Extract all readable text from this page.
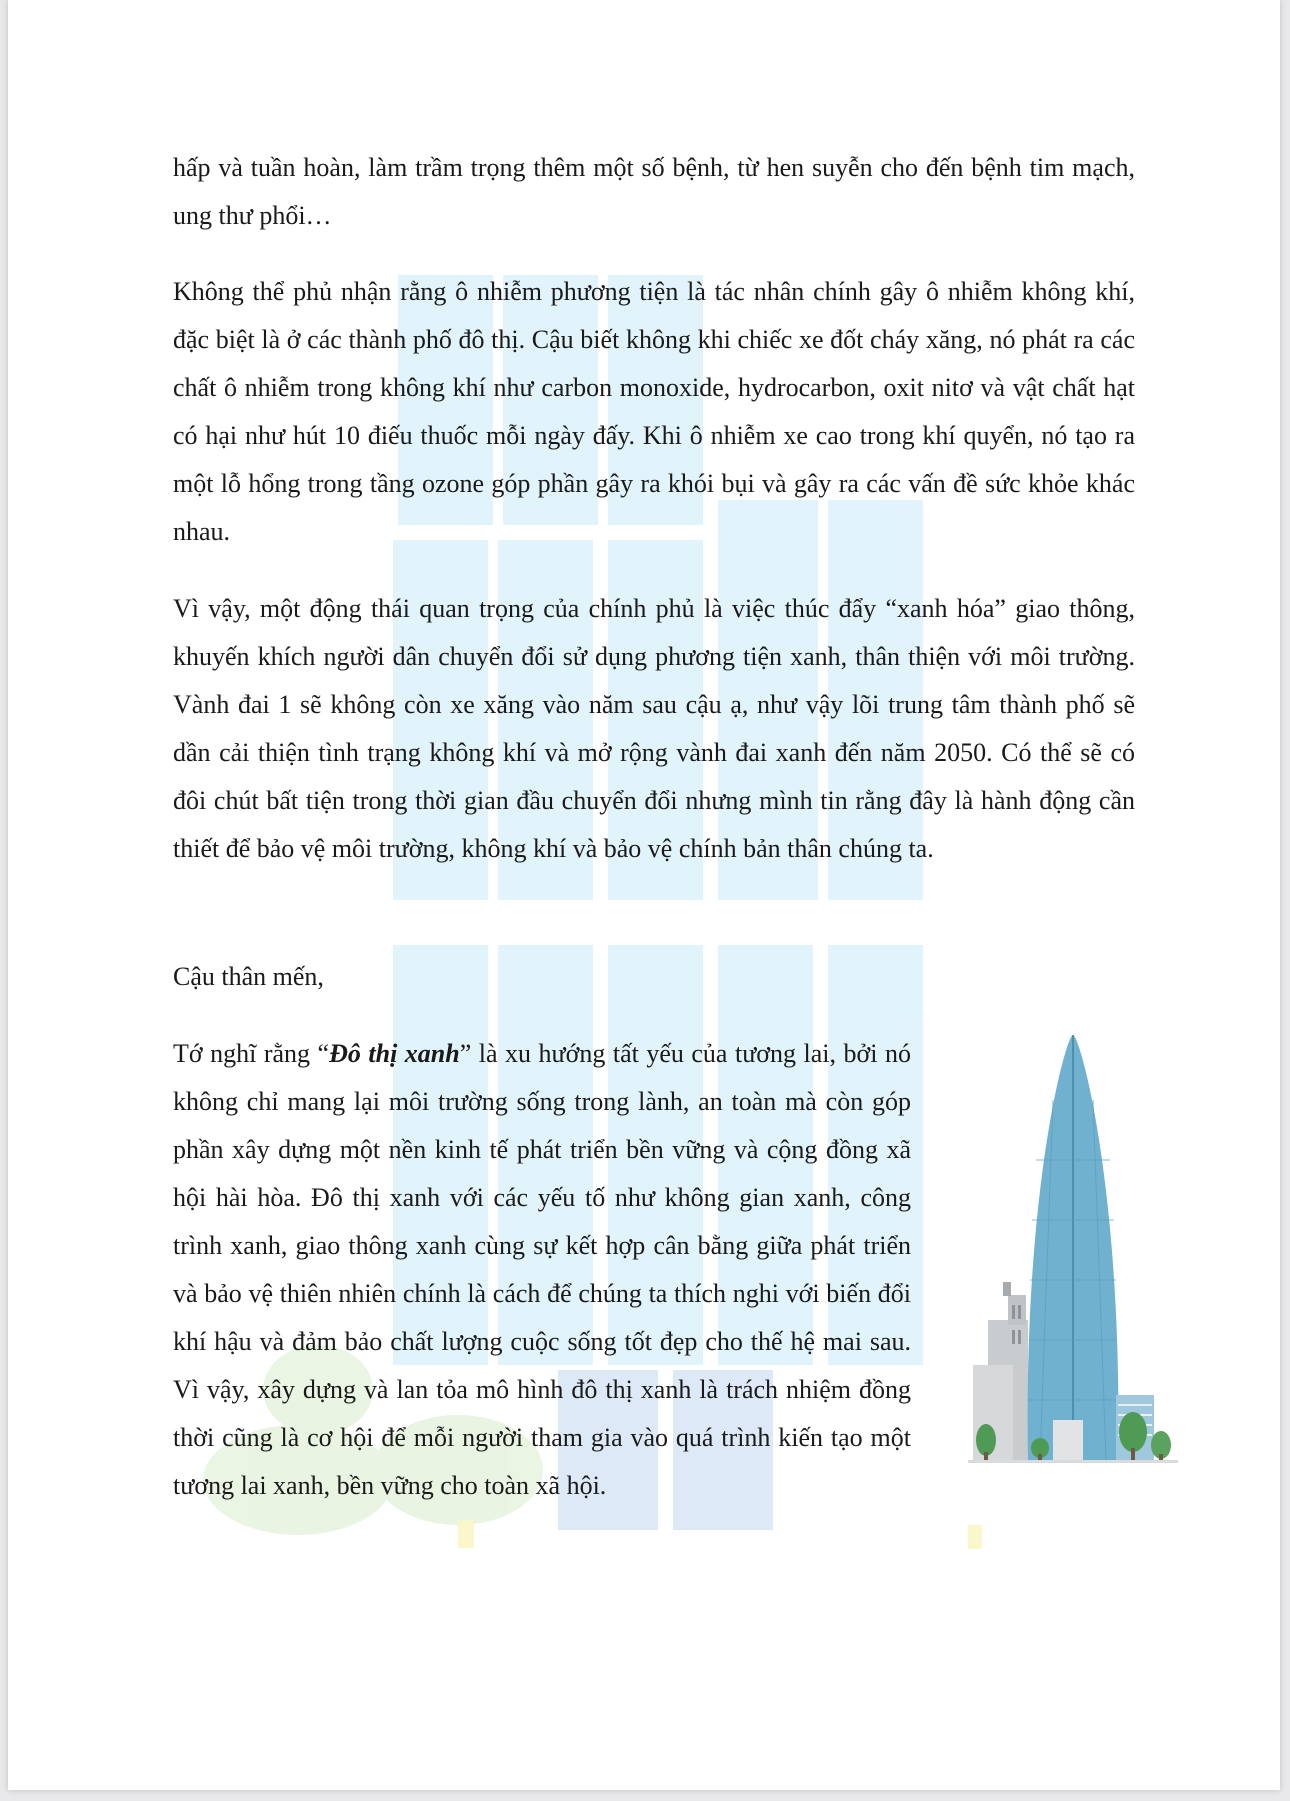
hấp và tuần hoàn, làm trầm trọng thêm một số bệnh, từ hen suyễn cho đến bệnh tim mạch, ung thư phổi…

Không thể phủ nhận rằng ô nhiễm phương tiện là tác nhân chính gây ô nhiễm không khí, đặc biệt là ở các thành phố đô thị. Cậu biết không khi chiếc xe đốt cháy xăng, nó phát ra các chất ô nhiễm trong không khí như carbon monoxide, hydrocarbon, oxit nitơ và vật chất hạt có hại như hút 10 điếu thuốc mỗi ngày đấy. Khi ô nhiễm xe cao trong khí quyển, nó tạo ra một lỗ hổng trong tầng ozone góp phần gây ra khói bụi và gây ra các vấn đề sức khỏe khác nhau.

Vì vậy, một động thái quan trọng của chính phủ là việc thúc đẩy “xanh hóa” giao thông, khuyến khích người dân chuyển đổi sử dụng phương tiện xanh, thân thiện với môi trường. Vành đai 1 sẽ không còn xe xăng vào năm sau cậu ạ, như vậy lõi trung tâm thành phố sẽ dần cải thiện tình trạng không khí và mở rộng vành đai xanh đến năm 2050. Có thể sẽ có đôi chút bất tiện trong thời gian đầu chuyển đổi nhưng mình tin rằng đây là hành động cần thiết để bảo vệ môi trường, không khí và bảo vệ chính bản thân chúng ta.

Cậu thân mến,

Tớ nghĩ rằng “Đô thị xanh” là xu hướng tất yếu của tương lai, bởi nó không chỉ mang lại môi trường sống trong lành, an toàn mà còn góp phần xây dựng một nền kinh tế phát triển bền vững và cộng đồng xã hội hài hòa. Đô thị xanh với các yếu tố như không gian xanh, công trình xanh, giao thông xanh cùng sự kết hợp cân bằng giữa phát triển và bảo vệ thiên nhiên chính là cách để chúng ta thích nghi với biến đổi khí hậu và đảm bảo chất lượng cuộc sống tốt đẹp cho thế hệ mai sau. Vì vậy, xây dựng và lan tỏa mô hình đô thị xanh là trách nhiệm đồng thời cũng là cơ hội để mỗi người tham gia vào quá trình kiến tạo một tương lai xanh, bền vững cho toàn xã hội.
